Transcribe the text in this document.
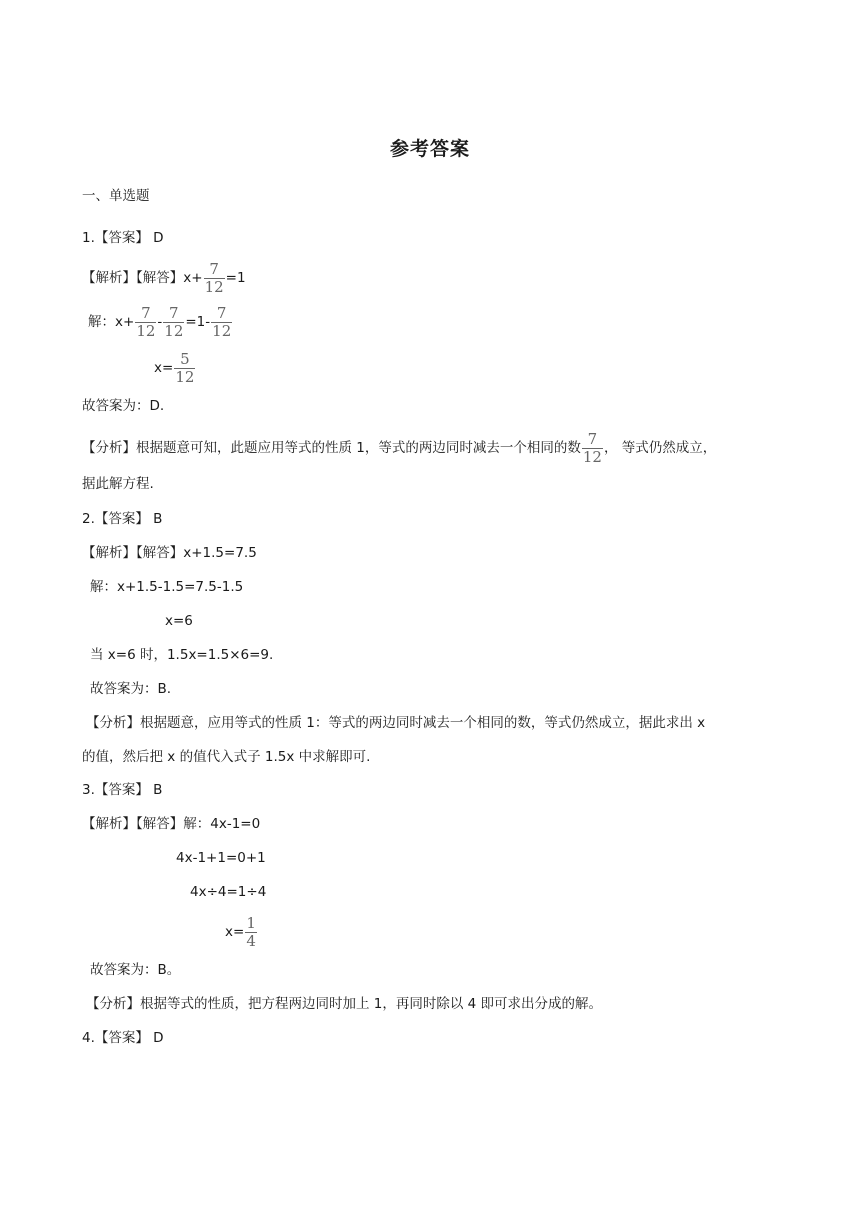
参考答案
一、单选题
1.【答案】 D
【解析】【解答】$x+ \frac{7}{12} =1$
解：$x+ \frac{7}{12} - \frac{7}{12} =1- \frac{7}{12}$
$x= \frac{5}{12}$
故答案为：D.
【分析】根据题意可知，此题应用等式的性质 1，等式的两边同时减去一个相同的数 $\frac{7}{12}$ ， 等式仍然成立，
据此解方程.
2.【答案】 B
【解析】【解答】x+1.5=7.5
解：x+1.5-1.5=7.5-1.5
x=6
当 x=6 时，1.5x=1.5×6=9.
故答案为：B.
【分析】根据题意，应用等式的性质 1：等式的两边同时减去一个相同的数，等式仍然成立，据此求出 x
的值，然后把 x 的值代入式子 1.5x 中求解即可.
3.【答案】 B
【解析】【解答】解：4x-1=0
4x-1+1=0+1
4x÷4=1÷4
$x= \frac{1}{4}$
故答案为：B。
【分析】根据等式的性质，把方程两边同时加上 1，再同时除以 4 即可求出分成的解。
4.【答案】 D
